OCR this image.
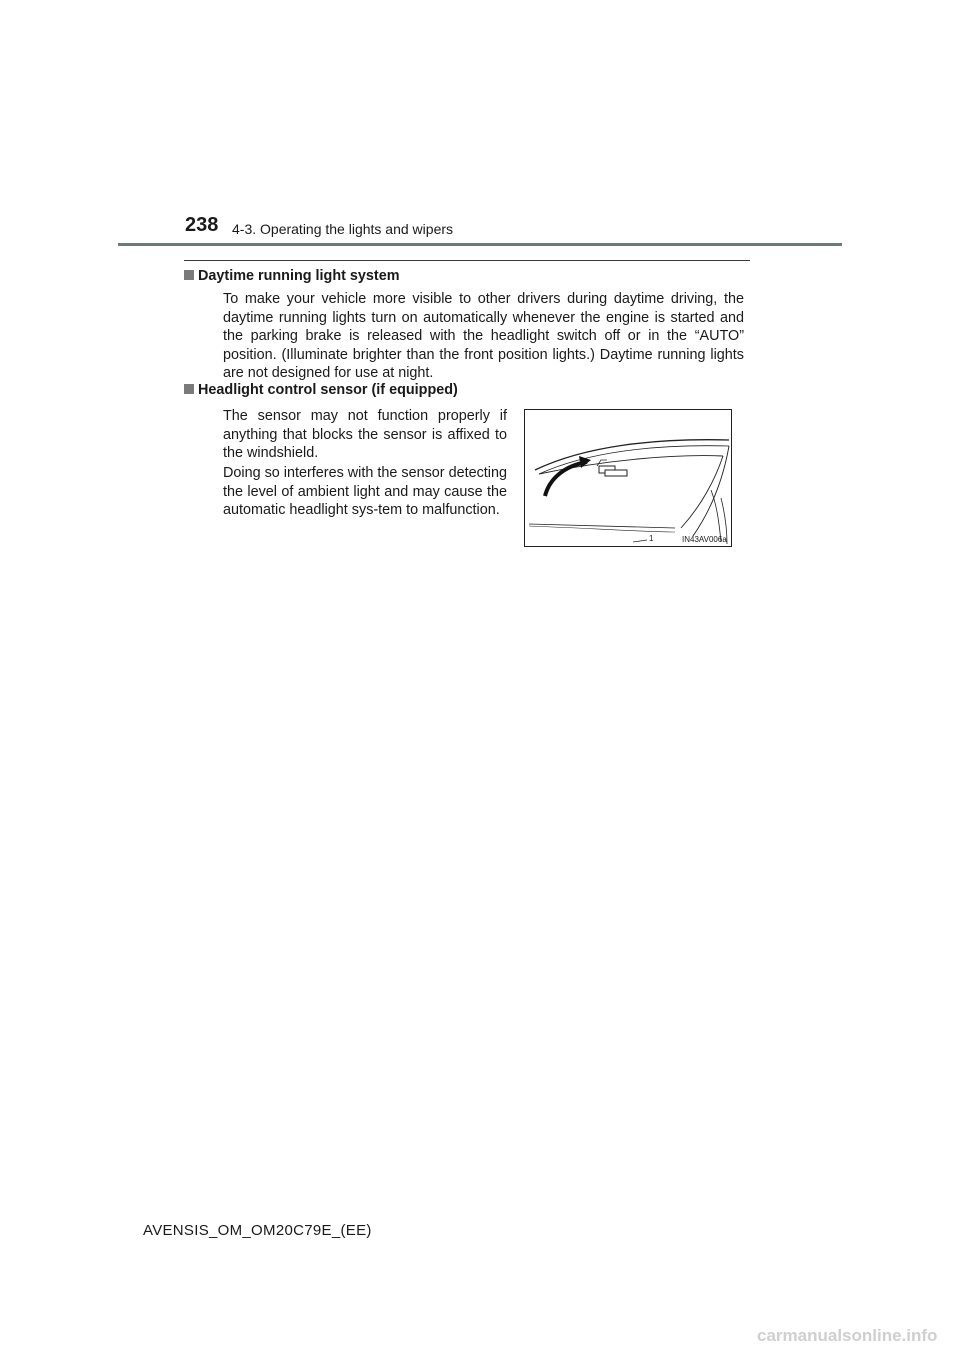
238 4-3. Operating the lights and wipers
Daytime running light system
To make your vehicle more visible to other drivers during daytime driving, the daytime running lights turn on automatically whenever the engine is started and the parking brake is released with the headlight switch off or in the “AUTO” position. (Illuminate brighter than the front position lights.) Daytime running lights are not designed for use at night.
Headlight control sensor (if equipped)
The sensor may not function properly if anything that blocks the sensor is affixed to the windshield.
Doing so interferes with the sensor detecting the level of ambient light and may cause the automatic headlight sys-tem to malfunction.
1	IN43AV006a
AVENSIS_OM_OM20C79E_(EE)
carmanualsonline.info
